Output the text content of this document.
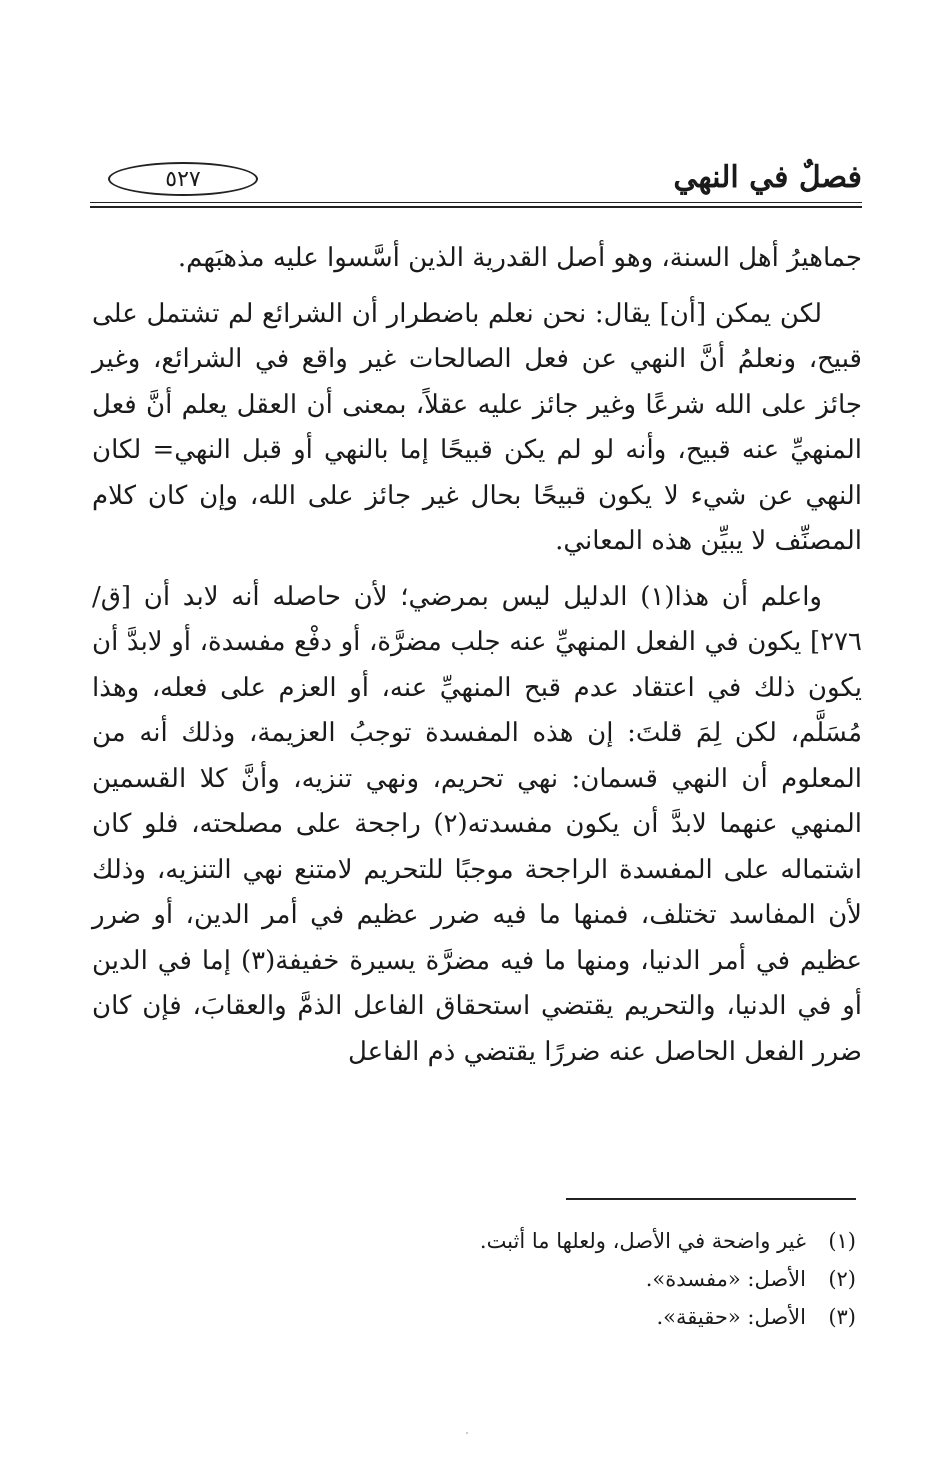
فصلٌ في النهي
٥٢٧

جماهيرُ أهل السنة، وهو أصل القدرية الذين أسَّسوا عليه مذهبَهم.

لكن يمكن [أن] يقال: نحن نعلم باضطرار أن الشرائع لم تشتمل على قبيح، ونعلمُ أنَّ النهي عن فعل الصالحات غير واقع في الشرائع، وغير جائز على الله شرعًا وغير جائز عليه عقلاً، بمعنى أن العقل يعلم أنَّ فعل المنهيِّ عنه قبيح، وأنه لو لم يكن قبيحًا إما بالنهي أو قبل النهي= لكان النهي عن شيء لا يكون قبيحًا بحال غير جائز على الله، وإن كان كلام المصنِّف لا يبيِّن هذه المعاني.

واعلم أن هذا(١) الدليل ليس بمرضي؛ لأن حاصله أنه لابد أن [ق/ ٢٧٦] يكون في الفعل المنهيِّ عنه جلب مضرَّة، أو دفْع مفسدة، أو لابدَّ أن يكون ذلك في اعتقاد عدم قبح المنهيِّ عنه، أو العزم على فعله، وهذا مُسَلَّم، لكن لِمَ قلتَ: إن هذه المفسدة توجبُ العزيمة، وذلك أنه من المعلوم أن النهي قسمان: نهي تحريم، ونهي تنزيه، وأنَّ كلا القسمين المنهي عنهما لابدَّ أن يكون مفسدته(٢) راجحة على مصلحته، فلو كان اشتماله على المفسدة الراجحة موجبًا للتحريم لامتنع نهي التنزيه، وذلك لأن المفاسد تختلف، فمنها ما فيه ضرر عظيم في أمر الدين، أو ضرر عظيم في أمر الدنيا، ومنها ما فيه مضرَّة يسيرة خفيفة(٣) إما في الدين أو في الدنيا، والتحريم يقتضي استحقاق الفاعل الذمَّ والعقابَ، فإن كان ضرر الفعل الحاصل عنه ضررًا يقتضي ذم الفاعل

(١)
غير واضحة في الأصل، ولعلها ما أثبت.
(٢)
الأصل: «مفسدة».
(٣)
الأصل: «حقيقة».
